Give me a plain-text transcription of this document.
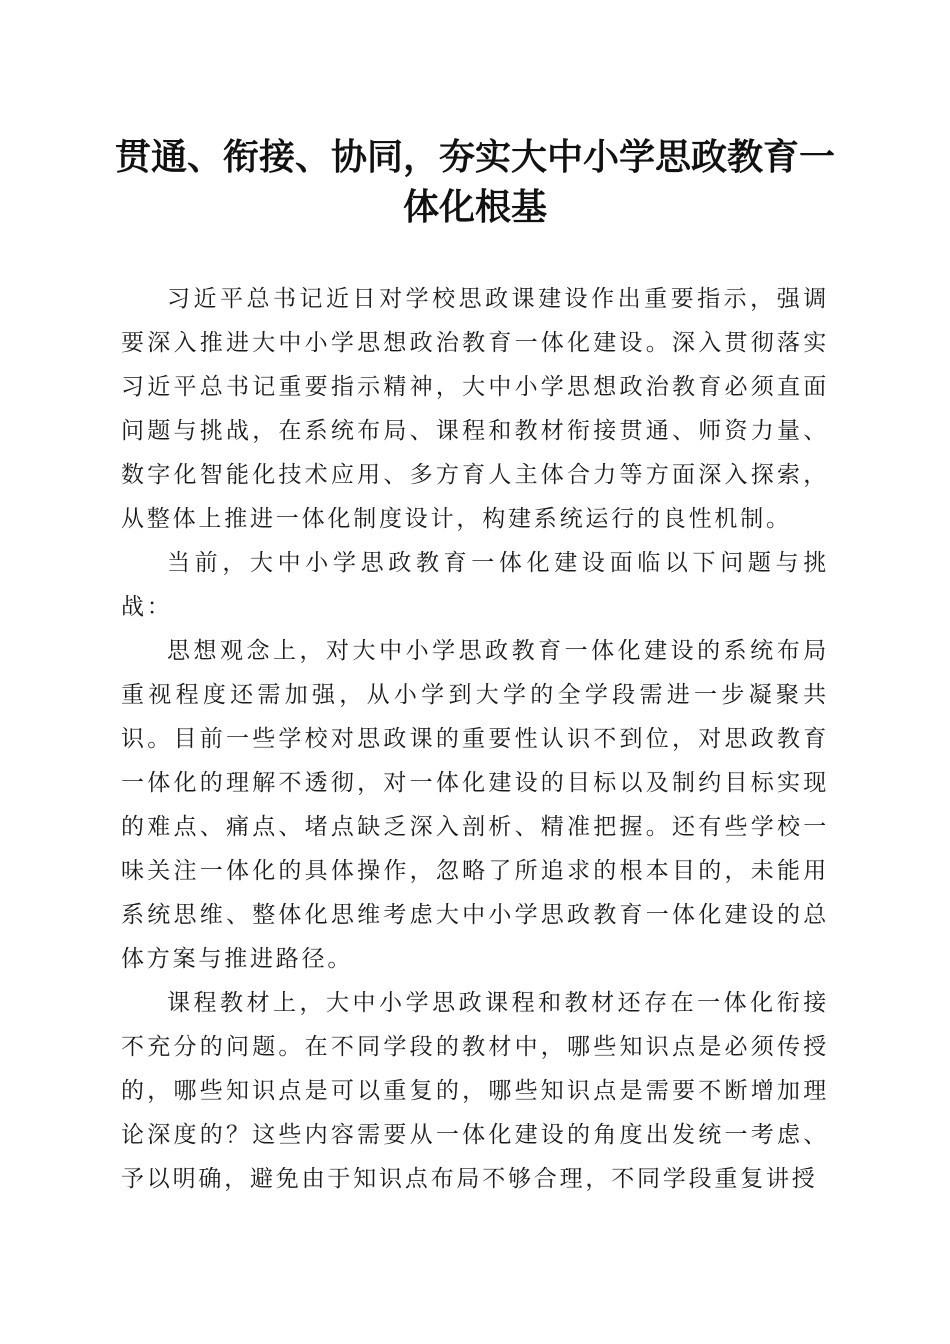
贯通、衔接、协同，夯实大中小学思政教育一体化根基

习近平总书记近日对学校思政课建设作出重要指示，强调要深入推进大中小学思想政治教育一体化建设。深入贯彻落实习近平总书记重要指示精神，大中小学思想政治教育必须直面问题与挑战，在系统布局、课程和教材衔接贯通、师资力量、数字化智能化技术应用、多方育人主体合力等方面深入探索，从整体上推进一体化制度设计，构建系统运行的良性机制。

当前，大中小学思政教育一体化建设面临以下问题与挑战：

思想观念上，对大中小学思政教育一体化建设的系统布局重视程度还需加强，从小学到大学的全学段需进一步凝聚共识。目前一些学校对思政课的重要性认识不到位，对思政教育一体化的理解不透彻，对一体化建设的目标以及制约目标实现的难点、痛点、堵点缺乏深入剖析、精准把握。还有些学校一味关注一体化的具体操作，忽略了所追求的根本目的，未能用系统思维、整体化思维考虑大中小学思政教育一体化建设的总体方案与推进路径。

课程教材上，大中小学思政课程和教材还存在一体化衔接不充分的问题。在不同学段的教材中，哪些知识点是必须传授的，哪些知识点是可以重复的，哪些知识点是需要不断增加理论深度的？这些内容需要从一体化建设的角度出发统一考虑、予以明确，避免由于知识点布局不够合理，不同学段重复讲授
